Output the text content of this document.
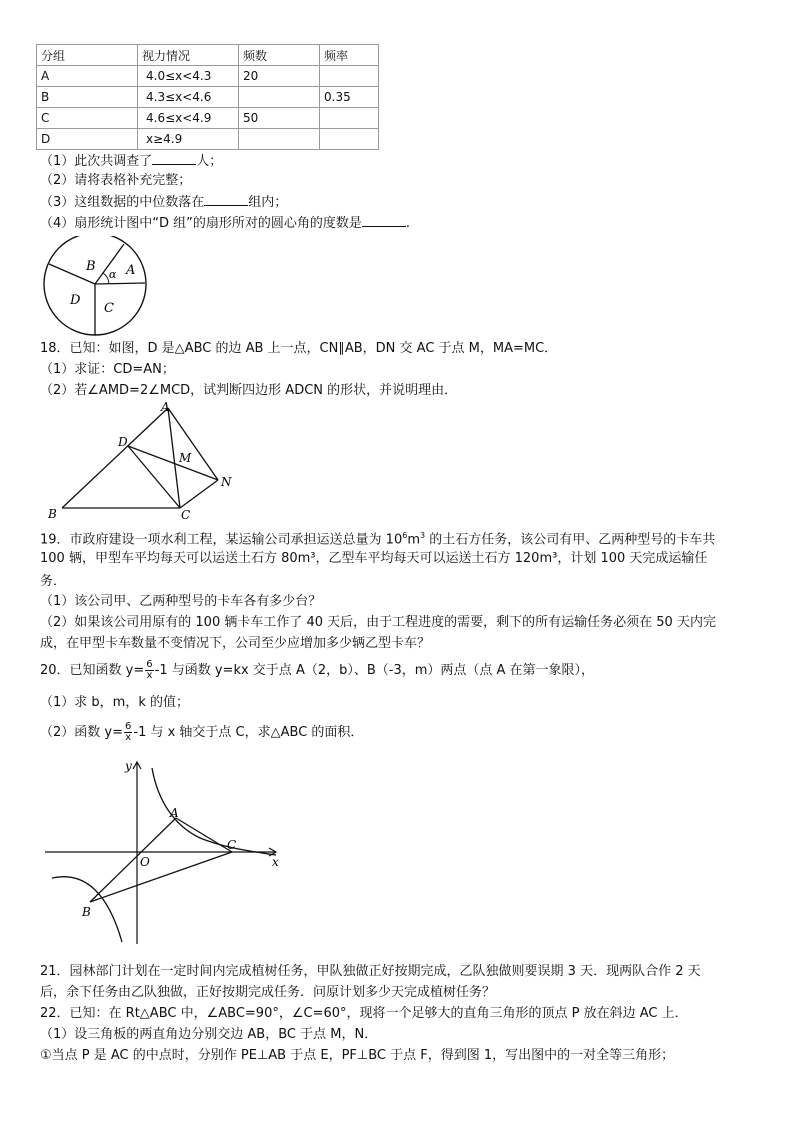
分组	视力情况	频数	频率
A	4.0≤x<4.3	20	
B	4.3≤x<4.6		0.35
C	4.6≤x<4.9	50	
D	x≥4.9		
（1）此次共调查了	人；
（2）请将表格补充完整；
（3）这组数据的中位数落在	组内；
（4）扇形统计图中“D 组”的扇形所对的圆心角的度数是	.
B
α A
D
C
18．已知：如图，D 是△ABC 的边 AB 上一点，CN∥AB，DN 交 AC 于点 M，MA=MC．
（1）求证：CD=AN；
（2）若∠AMD=2∠MCD，试判断四边形 ADCN 的形状，并说明理由．
A
D
M
N
B	C
19．市政府建设一项水利工程，某运输公司承担运送总量为 $10^6m^3$ 的土石方任务，该公司有甲、乙两种型号的卡车共
100 辆，甲型车平均每天可以运送土石方 80m³，乙型车平均每天可以运送土石方 120m³，计划 100 天完成运输任
务．
（1）该公司甲、乙两种型号的卡车各有多少台？
（2）如果该公司用原有的 100 辆卡车工作了 40 天后，由于工程进度的需要，剩下的所有运输任务必须在 50 天内完
成，在甲型卡车数量不变情况下，公司至少应增加多少辆乙型卡车？
20．已知函数 $y= \frac{6}{x} -1$ 与函数 y=kx 交于点 A（2，b）、B（-3，m）两点（点 A 在第一象限），
（1）求 b，m，k 的值；
（2）函数 $y= \frac{6}{x} -1$ 与 x 轴交于点 C，求△ABC 的面积．
y
x
O
A
C
B
21．园林部门计划在一定时间内完成植树任务，甲队独做正好按期完成，乙队独做则要误期 3 天．现两队合作 2 天
后，余下任务由乙队独做，正好按期完成任务．问原计划多少天完成植树任务？
22．已知：在 Rt△ABC 中，∠ABC=90°，∠C=60°，现将一个足够大的直角三角形的顶点 P 放在斜边 AC 上．
（1）设三角板的两直角边分别交边 AB，BC 于点 M，N．
①当点 P 是 AC 的中点时，分别作 PE⊥AB 于点 E，PF⊥BC 于点 F，得到图 1，写出图中的一对全等三角形；
